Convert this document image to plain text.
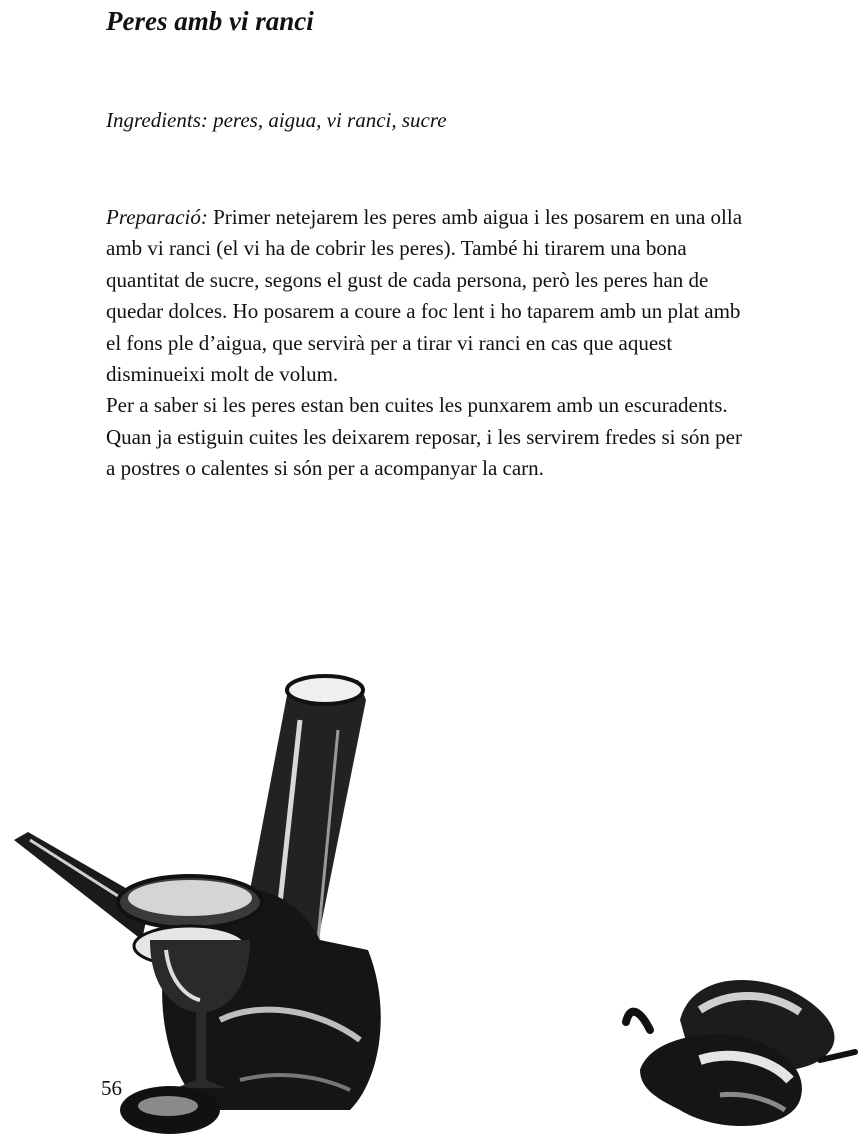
Peres amb vi ranci

Ingredients: peres, aigua, vi ranci, sucre

Preparació: Primer netejarem les peres amb aigua i les posarem en una olla amb vi ranci (el vi ha de cobrir les peres). També hi tirarem una bona quantitat de sucre, segons el gust de cada persona, però les peres han de quedar dolces. Ho posarem a coure a foc lent i ho taparem amb un plat amb el fons ple d’aigua, que servirà per a tirar vi ranci en cas que aquest disminueixi molt de volum.

Per a saber si les peres estan ben cuites les punxarem amb un escuradents.

Quan ja estiguin cuites les deixarem reposar, i les servirem fredes si són per a postres o calentes si són per a acompanyar la carn.

56
